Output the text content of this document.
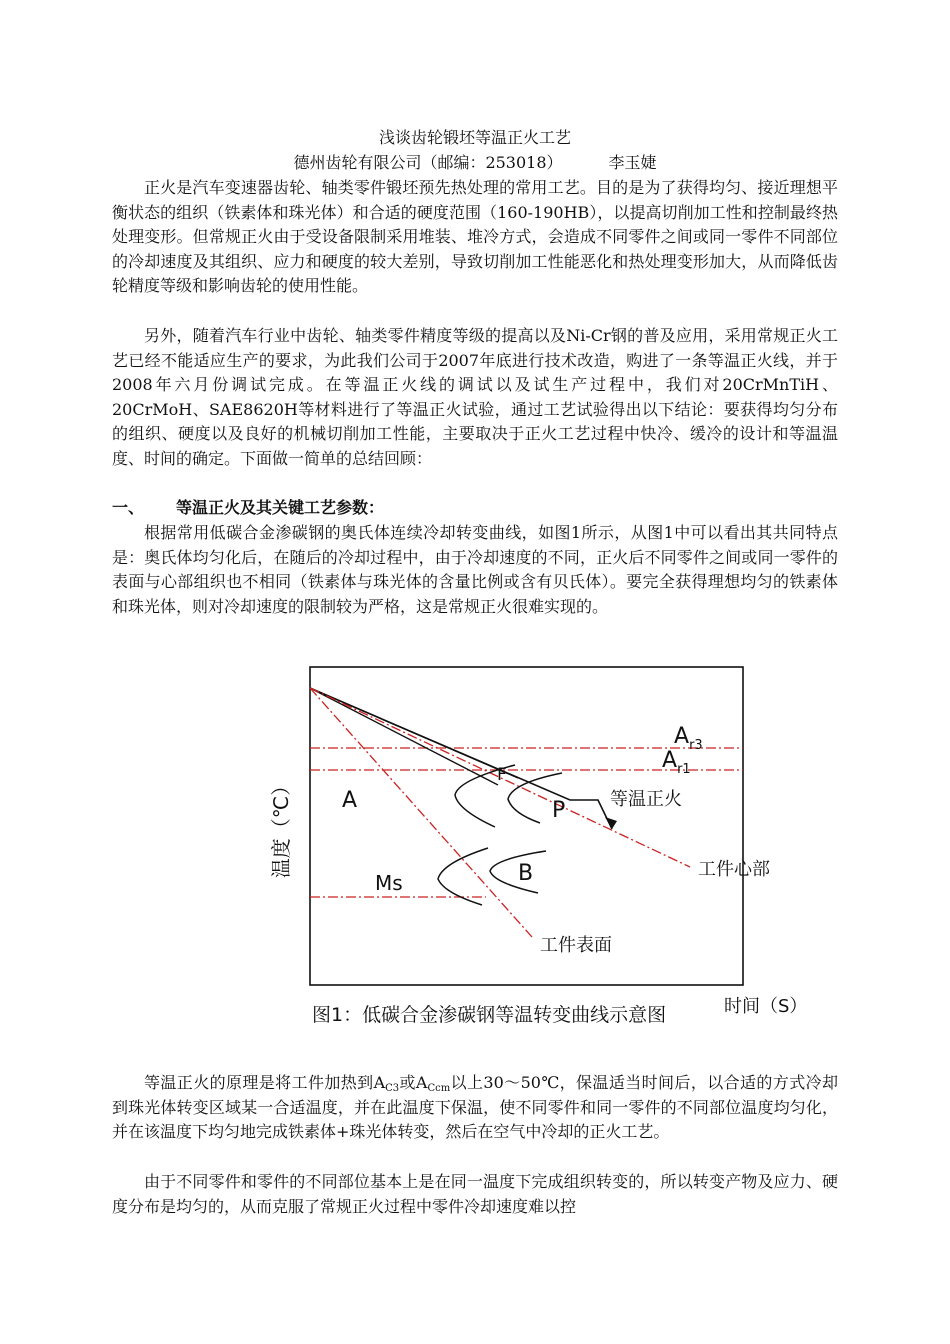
浅谈齿轮锻坯等温正火工艺
德州齿轮有限公司（邮编：253018）	李玉婕

正火是汽车变速器齿轮、轴类零件锻坯预先热处理的常用工艺。目的是为了获得均匀、接近理想平衡状态的组织（铁素体和珠光体）和合适的硬度范围（160-190HB），以提高切削加工性和控制最终热处理变形。但常规正火由于受设备限制采用堆装、堆冷方式，会造成不同零件之间或同一零件不同部位的冷却速度及其组织、应力和硬度的较大差别，导致切削加工性能恶化和热处理变形加大，从而降低齿轮精度等级和影响齿轮的使用性能。

另外，随着汽车行业中齿轮、轴类零件精度等级的提高以及Ni-Cr钢的普及应用，采用常规正火工艺已经不能适应生产的要求，为此我们公司于2007年底进行技术改造，购进了一条等温正火线，并于2008年六月份调试完成。在等温正火线的调试以及试生产过程中，我们对20CrMnTiH、20CrMoH、SAE8620H等材料进行了等温正火试验，通过工艺试验得出以下结论：要获得均匀分布的组织、硬度以及良好的机械切削加工性能，主要取决于正火工艺过程中快冷、缓冷的设计和等温温度、时间的确定。下面做一简单的总结回顾：

一、 等温正火及其关键工艺参数：

根据常用低碳合金渗碳钢的奥氏体连续冷却转变曲线，如图1所示，从图1中可以看出其共同特点是：奥氏体均匀化后，在随后的冷却过程中，由于冷却速度的不同，正火后不同零件之间或同一零件的表面与心部组织也不相同（铁素体与珠光体的含量比例或含有贝氏体）。要完全获得理想均匀的铁素体和珠光体，则对冷却速度的限制较为严格，这是常规正火很难实现的。

温度（℃） A
F
P
B
Ms
$A_{r3}$
$A_{r1}$
等温正火
工件心部
工件表面
图1：低碳合金渗碳钢等温转变曲线示意图	时间（S）

等温正火的原理是将工件加热到$A_{C3}$或$A_{Ccm}$以上30～50℃，保温适当时间后，以合适的方式冷却到珠光体转变区域某一合适温度，并在此温度下保温，使不同零件和同一零件的不同部位温度均匀化，并在该温度下均匀地完成铁素体+珠光体转变，然后在空气中冷却的正火工艺。

由于不同零件和零件的不同部位基本上是在同一温度下完成组织转变的，所以转变产物及应力、硬度分布是均匀的，从而克服了常规正火过程中零件冷却速度难以控
